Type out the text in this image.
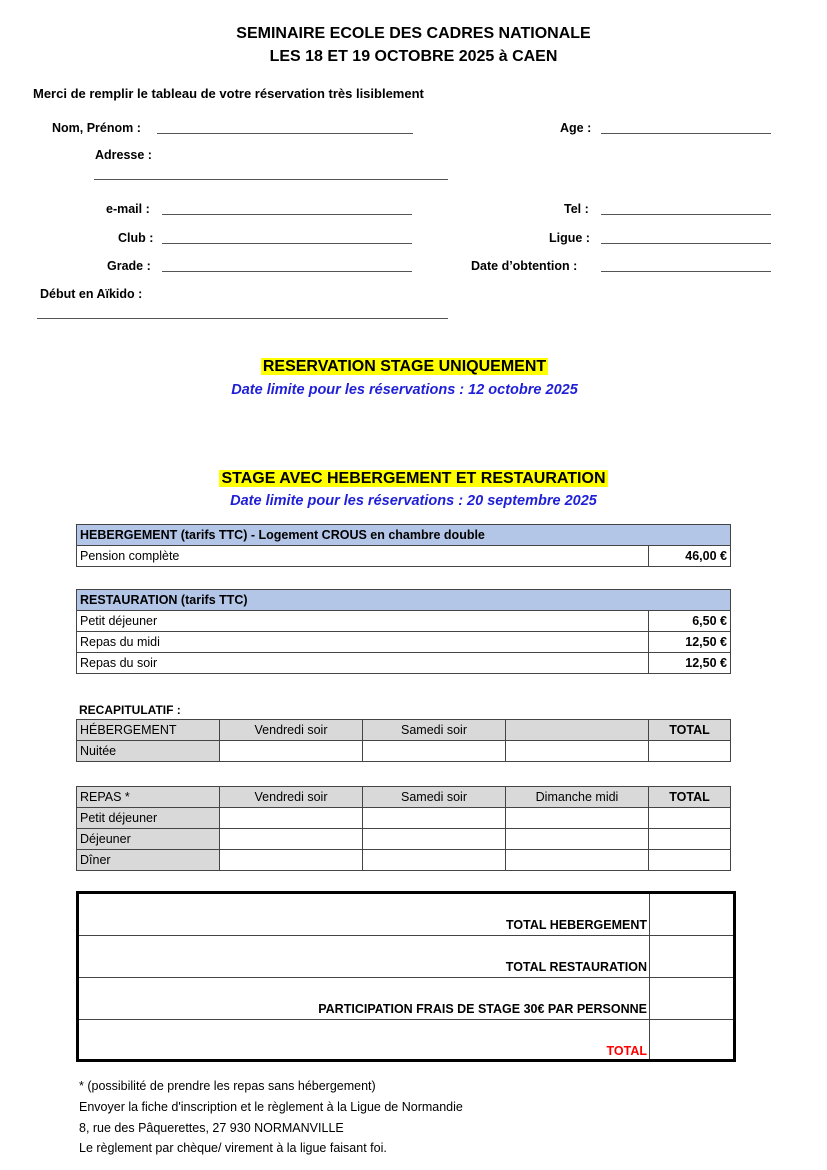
SEMINAIRE ECOLE DES CADRES NATIONALE
LES 18 ET 19 OCTOBRE 2025 à CAEN
Merci de remplir le tableau de votre réservation très lisiblement
Nom, Prénom :	Age :
Adresse :
e-mail :	Tel :
Club :	Ligue :
Grade :	Date d’obtention :
Début en Aïkido :
RESERVATION STAGE UNIQUEMENT
Date limite pour les réservations : 12 octobre 2025
STAGE AVEC HEBERGEMENT ET RESTAURATION
Date limite pour les réservations : 20 septembre 2025
HEBERGEMENT (tarifs TTC) - Logement CROUS en chambre double
Pension complète	46,00 €
RESTAURATION (tarifs TTC)	
Petit déjeuner	6,50 €
Repas du midi	12,50 €
Repas du soir	12,50 €
RECAPITULATIF :
HÉBERGEMENT	Vendredi soir	Samedi soir		TOTAL
Nuitée				
REPAS *	Vendredi soir	Samedi soir	Dimanche midi	TOTAL
Petit déjeuner				
Déjeuner				
Dîner				
TOTAL HEBERGEMENT
TOTAL RESTAURATION
PARTICIPATION FRAIS DE STAGE 30€ PAR PERSONNE
TOTAL
* (possibilité de prendre les repas sans hébergement)
Envoyer la fiche d'inscription et le règlement à la Ligue de Normandie
8, rue des Pâquerettes, 27 930 NORMANVILLE
Le règlement par chèque/ virement à la ligue faisant foi.
